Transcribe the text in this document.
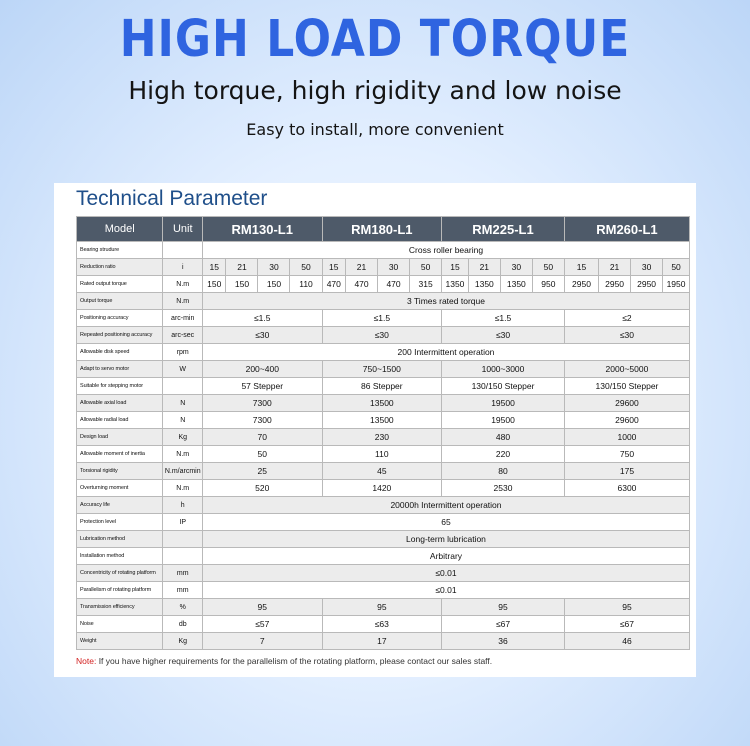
HIGH LOAD TORQUE
High torque, high rigidity and low noise
Easy to install, more convenient
Technical Parameter
Model	Unit	RM130-L1				RM180-L1				RM225-L1				RM260-L1			
Bearing strudure		Cross roller bearing															
Reduction ratio	i	15	21	30	50	15	21	30	50	15	21	30	50	15	21	30	50
Rated output torque	N.m	150	150	150	110	470	470	470	315	1350	1350	1350	950	2950	2950	2950	1950
Output torque	N.m	3 Times rated torque															
Positioning accuracy	arc-min	≤1.5				≤1.5				≤1.5				≤2			
Repeated positioning accuracy	arc-sec	≤30				≤30				≤30				≤30			
Allowable disk speed	rpm	200 Intermittent operation															
Adapt to servo motor	W	200~400				750~1500				1000~3000				2000~5000			
Suitable for stepping motor		57 Stepper				86 Stepper				130/150 Stepper				130/150 Stepper			
Allowable axial load	N	7300				13500				19500				29600			
Allowable radial load	N	7300				13500				19500				29600			
Design load	Kg	70				230				480				1000			
Allowable moment of inertia	N.m	50				110				220				750			
Torsional rigidity	N.m/arcmin	25				45				80				175			
Overturning moment	N.m	520				1420				2530				6300			
Accuracy life	h	20000h Intermittent operation															
Protection level	IP	65															
Lubrication method		Long-term lubrication															
Installation method		Arbitrary															
Concentricity of rotating platform	mm	≤0.01															
Parallelism of rotating platform	mm	≤0.01															
Transmission efficiency	%	95				95				95				95			
Noise	db	≤57				≤63				≤67				≤67			
Weight	Kg	7				17				36				46			
Note: If you have higher requirements for the parallelism of the rotating platform, please contact our sales staff.
